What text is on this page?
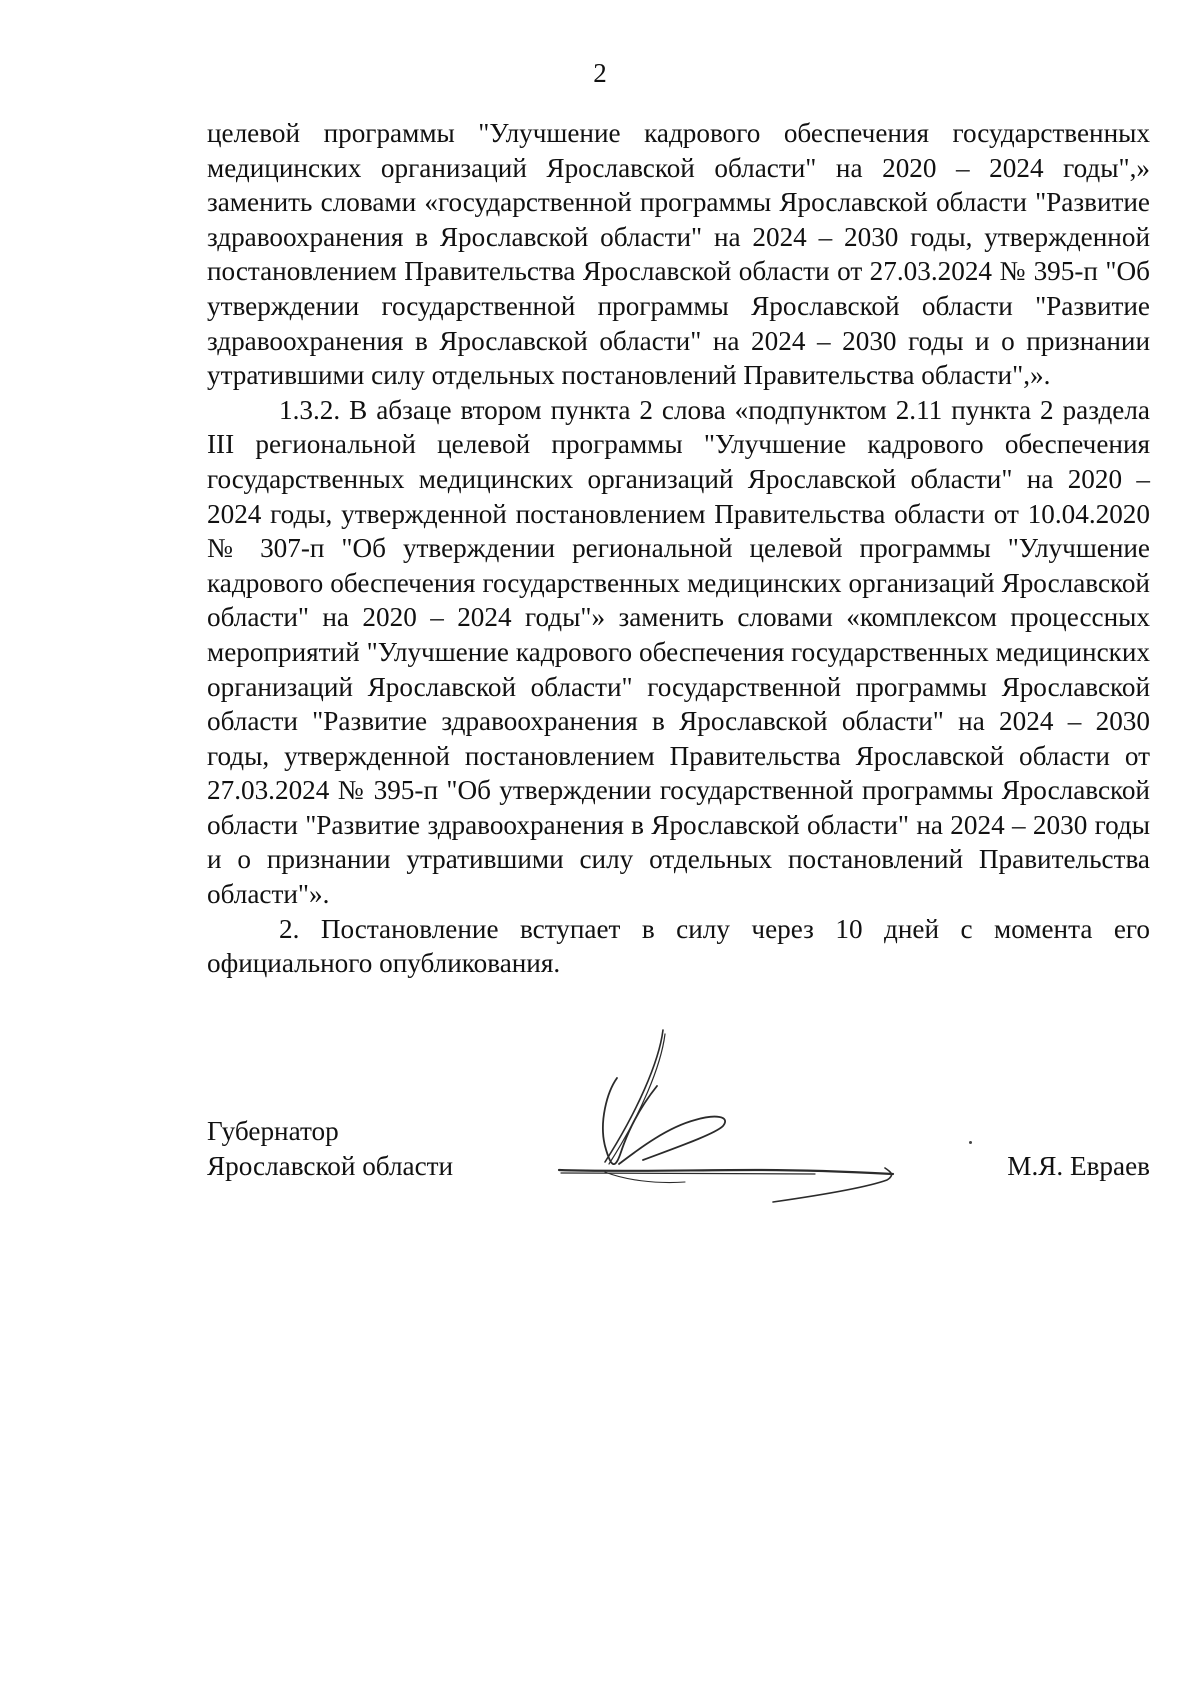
2

целевой программы "Улучшение кадрового обеспечения государственных медицинских организаций Ярославской области" на 2020 – 2024 годы",» заменить словами «государственной программы Ярославской области "Развитие здравоохранения в Ярославской области" на 2024 – 2030 годы, утвержденной постановлением Правительства Ярославской области от 27.03.2024 № 395-п "Об утверждении государственной программы Ярославской области "Развитие здравоохранения в Ярославской области" на 2024 – 2030 годы и о признании утратившими силу отдельных постановлений Правительства области",».

1.3.2. В абзаце втором пункта 2 слова «подпунктом 2.11 пункта 2 раздела III региональной целевой программы "Улучшение кадрового обеспечения государственных медицинских организаций Ярославской области" на 2020 – 2024 годы, утвержденной постановлением Правительства области от 10.04.2020 № 307-п "Об утверждении региональной целевой программы "Улучшение кадрового обеспечения государственных медицинских организаций Ярославской области" на 2020 – 2024 годы"» заменить словами «комплексом процессных мероприятий "Улучшение кадрового обеспечения государственных медицинских организаций Ярославской области" государственной программы Ярославской области "Развитие здравоохранения в Ярославской области" на 2024 – 2030 годы, утвержденной постановлением Правительства Ярославской области от 27.03.2024 № 395-п "Об утверждении государственной программы Ярославской области "Развитие здравоохранения в Ярославской области" на 2024 – 2030 годы и о признании утратившими силу отдельных постановлений Правительства области"».

2. Постановление вступает в силу через 10 дней с момента его официального опубликования.

Губернатор
Ярославской области	М.Я. Евраев
